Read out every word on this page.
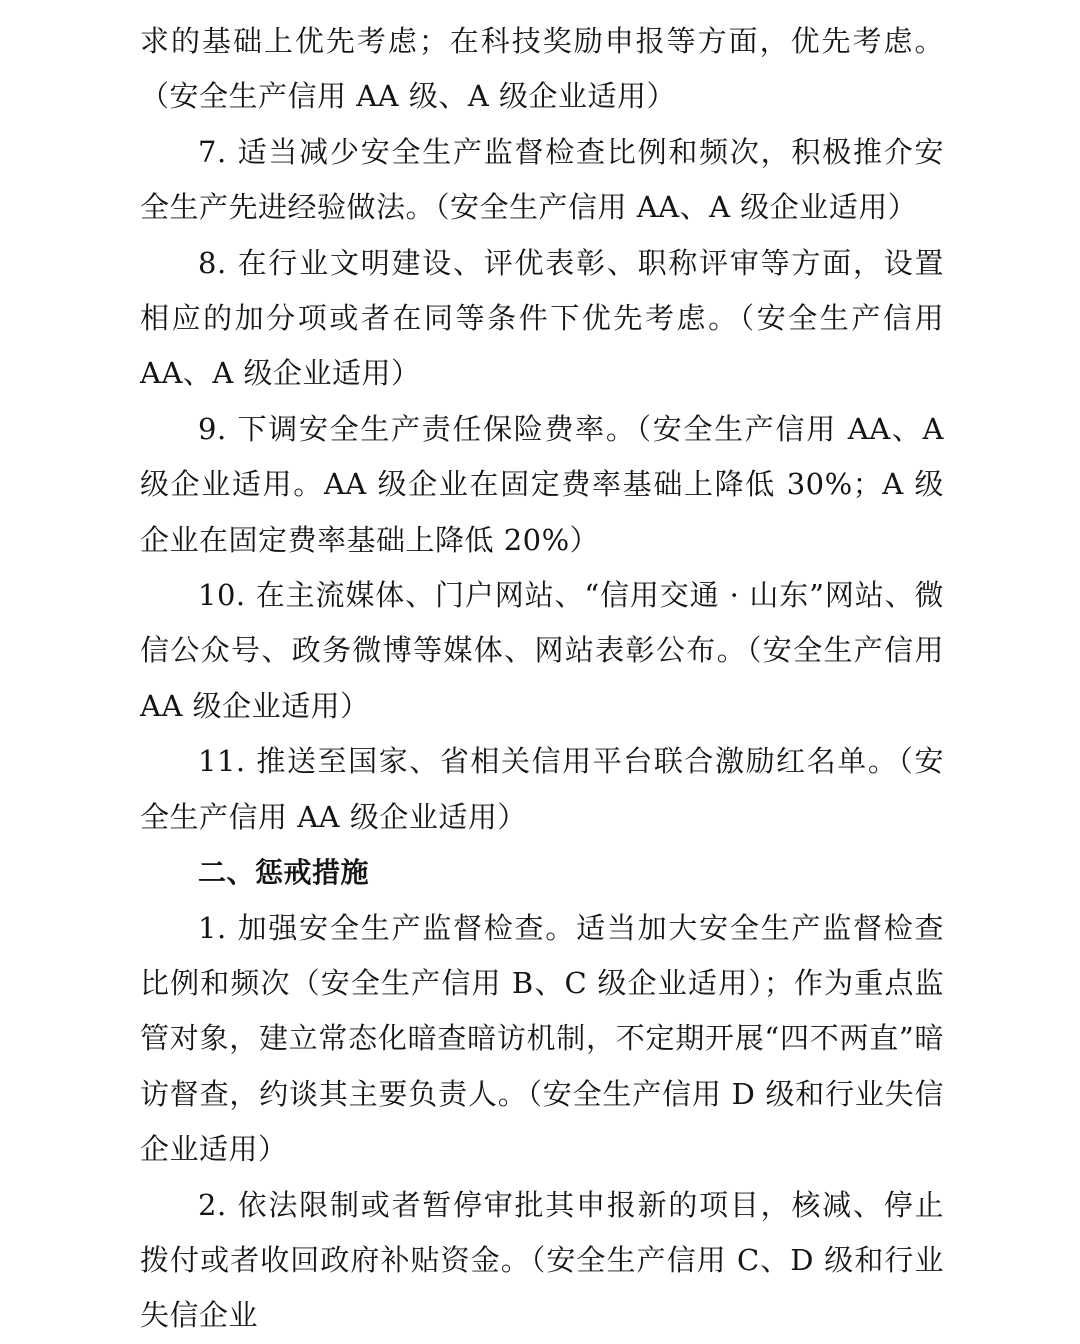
求的基础上优先考虑；在科技奖励申报等方面，优先考虑。（安全生产信用 AA 级、A 级企业适用）

7. 适当减少安全生产监督检查比例和频次，积极推介安全生产先进经验做法。（安全生产信用 AA、A 级企业适用）

8. 在行业文明建设、评优表彰、职称评审等方面，设置相应的加分项或者在同等条件下优先考虑。（安全生产信用 AA、A 级企业适用）

9. 下调安全生产责任保险费率。（安全生产信用 AA、A 级企业适用。AA 级企业在固定费率基础上降低 30%；A 级企业在固定费率基础上降低 20%）

10. 在主流媒体、门户网站、“信用交通 · 山东”网站、微信公众号、政务微博等媒体、网站表彰公布。（安全生产信用 AA 级企业适用）

11. 推送至国家、省相关信用平台联合激励红名单。（安全生产信用 AA 级企业适用）

二、惩戒措施

1. 加强安全生产监督检查。适当加大安全生产监督检查比例和频次（安全生产信用 B、C 级企业适用）；作为重点监管对象，建立常态化暗查暗访机制，不定期开展“四不两直”暗访督查，约谈其主要负责人。（安全生产信用 D 级和行业失信企业适用）

2. 依法限制或者暂停审批其申报新的项目，核减、停止拨付或者收回政府补贴资金。（安全生产信用 C、D 级和行业失信企业
